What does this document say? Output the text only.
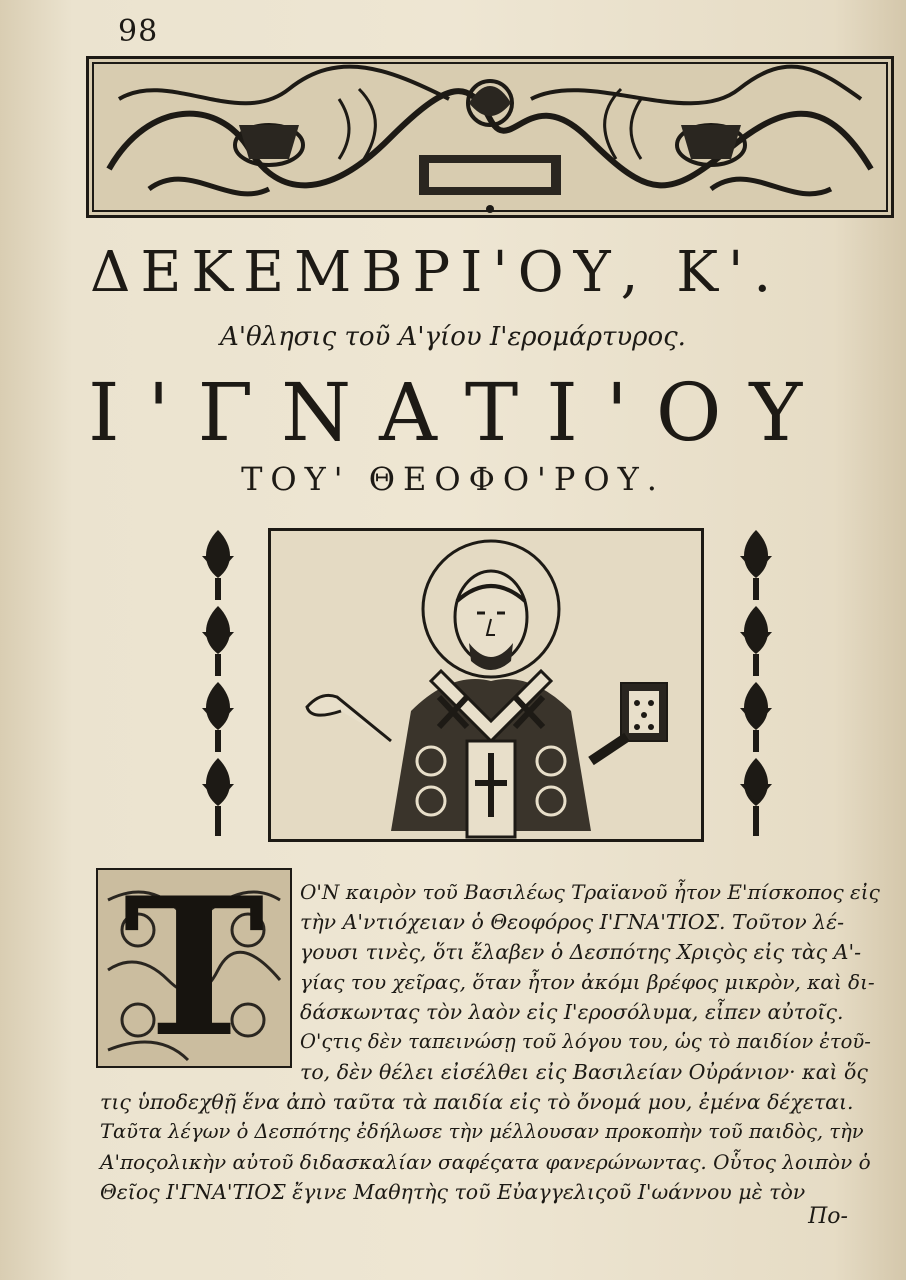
98
ΔΕΚΕΜΒΡΙ'ΟΥ, Κ'.
Α'θλησις τοῦ Α'γίου Ι'ερομάρτυρος.
Ι'ΓΝΑΤΙ'ΟΥ
ΤΟΥ' ΘΕΟΦΟ'ΡΟΥ.
Τ	Ο'Ν καιρὸν τοῦ Βασιλέως Τραϊανοῦ ἦτον Ε'πίσκοπος εἰς
τὴν Α'ντιόχειαν ὁ Θεοφόρος Ι'ΓΝΑ'ΤΙΟΣ. Τοῦτον λέ-
γουσι τινὲς, ὅτι ἔλαβεν ὁ Δεσπότης Χριςὸς εἰς τὰς Α'-
γίας του χεῖρας, ὅταν ἦτον ἀκόμι βρέφος μικρὸν, καὶ δι-
δάσκωντας τὸν λαὸν εἰς Ι'εροσόλυμα, εἶπεν αὐτοῖς.
Ο'ςτις δὲν ταπεινώσῃ τοῦ λόγου του, ὡς τὸ παιδίον ἐτοῦ-
το, δὲν θέλει εἰσέλθει εἰς Βασιλείαν Οὐράνιον· καὶ ὅς
τις ὑποδεχθῇ ἕνα ἀπὸ ταῦτα τὰ παιδία εἰς τὸ ὄνομά μου, ἐμένα δέχεται.
Ταῦτα λέγων ὁ Δεσπότης ἐδήλωσε τὴν μέλλουσαν προκοπὴν τοῦ παιδὸς, τὴν
Α'ποςολικὴν αὐτοῦ διδασκαλίαν σαφέςατα φανερώνωντας. Οὗτος λοιπὸν ὁ
Θεῖος Ι'ΓΝΑ'ΤΙΟΣ ἔγινε Μαθητὴς τοῦ Εὐαγγελιςοῦ Ι'ωάννου μὲ τὸν
Πο-
